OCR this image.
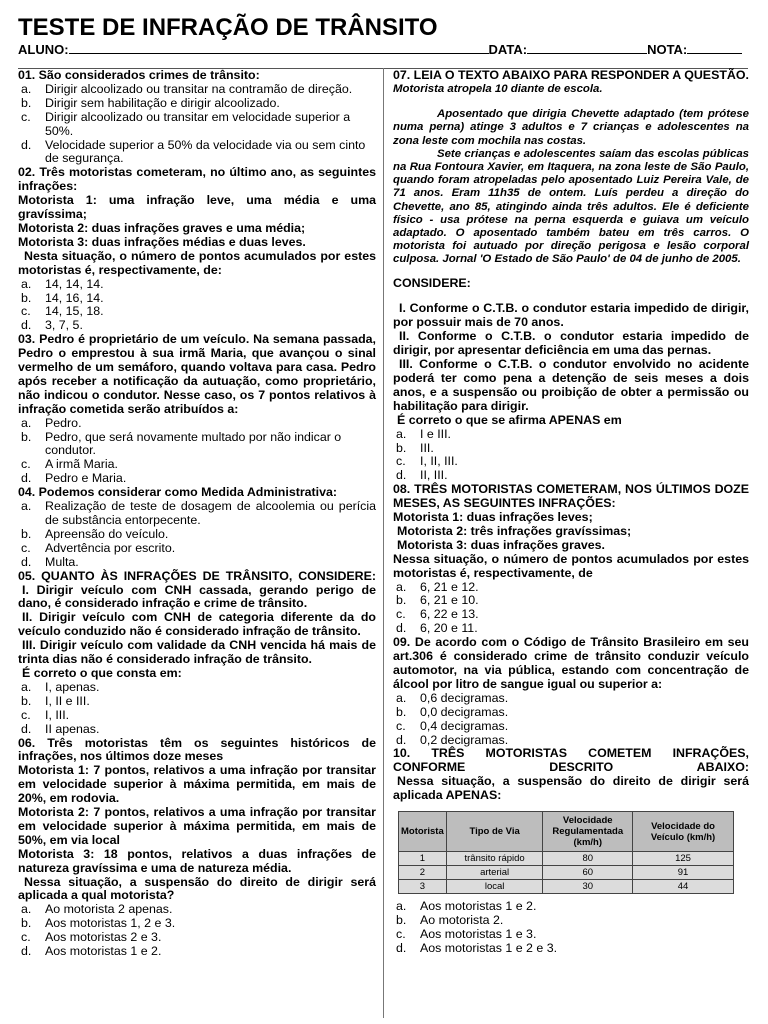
TESTE DE INFRAÇÃO DE TRÂNSITO
ALUNO:	DATA:	NOTA:

01. São considerados crimes de trânsito:

a. Dirigir alcoolizado ou transitar na contramão de direção.
b. Dirigir sem habilitação e dirigir alcoolizado.
c. Dirigir alcoolizado ou transitar em velocidade superior a 50%.
d. Velocidade superior a 50% da velocidade via ou sem cinto de segurança.

02. Três motoristas cometeram, no último ano, as seguintes infrações:

Motorista 1: uma infração leve, uma média e uma gravíssima;

Motorista 2: duas infrações graves e uma média;

Motorista 3: duas infrações médias e duas leves.

Nesta situação, o número de pontos acumulados por estes motoristas é, respectivamente, de:

a. 14, 14, 14.
b. 14, 16, 14.
c. 14, 15, 18.
d. 3, 7, 5.

03. Pedro é proprietário de um veículo. Na semana passada, Pedro o emprestou à sua irmã Maria, que avançou o sinal vermelho de um semáforo, quando voltava para casa. Pedro após receber a notificação da autuação, como proprietário, não indicou o condutor. Nesse caso, os 7 pontos relativos à infração cometida serão atribuídos a:

a. Pedro.
b. Pedro, que será novamente multado por não indicar o condutor.
c. A irmã Maria.
d. Pedro e Maria.

04. Podemos considerar como Medida Administrativa:

a. Realização de teste de dosagem de alcoolemia ou perícia de substância entorpecente.
b. Apreensão do veículo.
c. Advertência por escrito.
d. Multa.

05. QUANTO ÀS INFRAÇÕES DE TRÂNSITO, CONSIDERE:

I. Dirigir veículo com CNH cassada, gerando perigo de dano, é considerado infração e crime de trânsito.

II. Dirigir veículo com CNH de categoria diferente da do veículo conduzido não é considerado infração de trânsito.

III. Dirigir veículo com validade da CNH vencida há mais de trinta dias não é considerado infração de trânsito.

É correto o que consta em:

a. I, apenas.
b. I, II e III.
c. I, III.
d. II apenas.

06. Três motoristas têm os seguintes históricos de infrações, nos últimos doze meses

Motorista 1: 7 pontos, relativos a uma infração por transitar em velocidade superior à máxima permitida, em mais de 20%, em rodovia.

Motorista 2: 7 pontos, relativos a uma infração por transitar em velocidade superior à máxima permitida, em mais de 50%, em via local

Motorista 3: 18 pontos, relativos a duas infrações de natureza gravíssima e uma de natureza média.

Nessa situação, a suspensão do direito de dirigir será aplicada a qual motorista?

a. Ao motorista 2 apenas.
b. Aos motoristas 1, 2 e 3.
c. Aos motoristas 2 e 3.
d. Aos motoristas 1 e 2.

07. LEIA O TEXTO ABAIXO PARA RESPONDER A QUESTÃO.

Motorista atropela 10 diante de escola.

Aposentado que dirigia Chevette adaptado (tem prótese numa perna) atinge 3 adultos e 7 crianças e adolescentes na zona leste com mochila nas costas.

Sete crianças e adolescentes saíam das escolas públicas na Rua Fontoura Xavier, em Itaquera, na zona leste de São Paulo, quando foram atropeladas pelo aposentado Luiz Pereira Vale, de 71 anos. Eram 11h35 de ontem. Luís perdeu a direção do Chevette, ano 85, atingindo ainda três adultos. Ele é deficiente físico - usa prótese na perna esquerda e guiava um veículo adaptado. O aposentado também bateu em três carros. O motorista foi autuado por direção perigosa e lesão corporal culposa. Jornal 'O Estado de São Paulo' de 04 de junho de 2005.

CONSIDERE:

I. Conforme o C.T.B. o condutor estaria impedido de dirigir, por possuir mais de 70 anos.

II. Conforme o C.T.B. o condutor estaria impedido de dirigir, por apresentar deficiência em uma das pernas.

III. Conforme o C.T.B. o condutor envolvido no acidente poderá ter como pena a detenção de seis meses a dois anos, e a suspensão ou proibição de obter a permissão ou habilitação para dirigir.

É correto o que se afirma APENAS em

a. I e III.
b. III.
c. I, II, III.
d. II, III.

08. TRÊS MOTORISTAS COMETERAM, NOS ÚLTIMOS DOZE MESES, AS SEGUINTES INFRAÇÕES:

Motorista 1: duas infrações leves;

Motorista 2: três infrações gravíssimas;

Motorista 3: duas infrações graves.

Nessa situação, o número de pontos acumulados por estes motoristas é, respectivamente, de

a. 6, 21 e 12.
b. 6, 21 e 10.
c. 6, 22 e 13.
d. 6, 20 e 11.

09. De acordo com o Código de Trânsito Brasileiro em seu art.306 é considerado crime de trânsito conduzir veículo automotor, na via pública, estando com concentração de álcool por litro de sangue igual ou superior a:

a. 0,6 decigramas.
b. 0,0 decigramas.
c. 0,4 decigramas.
d. 0,2 decigramas.

10. TRÊS MOTORISTAS COMETEM INFRAÇÕES, CONFORME DESCRITO ABAIXO:

Nessa situação, a suspensão do direito de dirigir será aplicada APENAS:

Motorista	Tipo de Via	Velocidade Regulamentada (km/h)	Velocidade do Veículo (km/h)
1	trânsito rápido	80	125
2	arterial	60	91
3	local	30	44
a. Aos motoristas 1 e 2.
b. Ao motorista 2.
c. Aos motoristas 1 e 3.
d. Aos motoristas 1 e 2 e 3.
